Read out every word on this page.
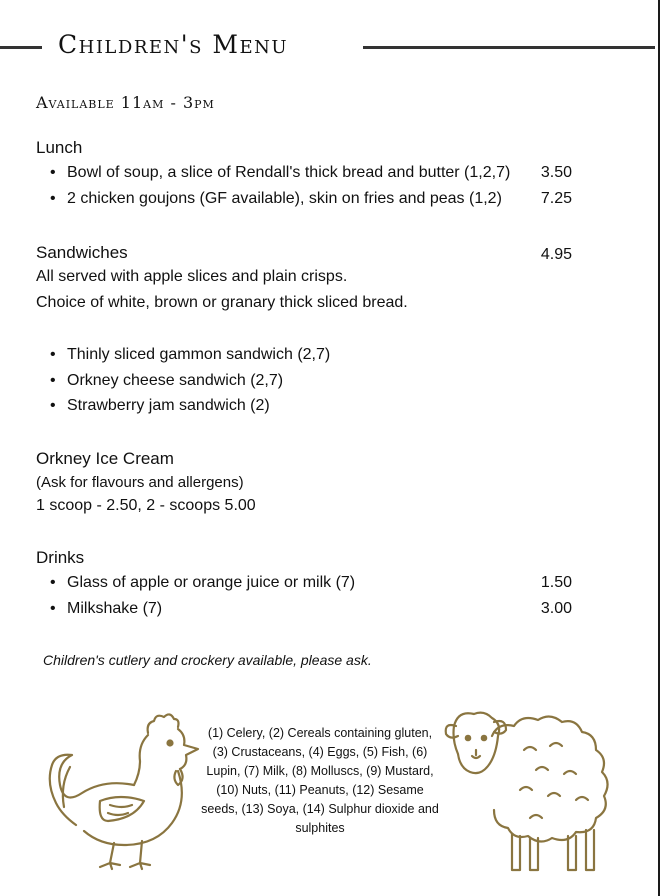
Children's Menu
Available 11am - 3pm
Lunch
• Bowl of soup, a slice of Rendall's thick bread and butter (1,2,7) 3.50
• 2 chicken goujons (GF available), skin on fries and peas (1,2) 7.25
Sandwiches	4.95
All served with apple slices and plain crisps.
Choice of white, brown or granary thick sliced bread.
• Thinly sliced gammon sandwich (2,7)
• Orkney cheese sandwich (2,7)
• Strawberry jam sandwich (2)
Orkney Ice Cream
(Ask for flavours and allergens)
1 scoop - 2.50, 2 - scoops 5.00
Drinks
• Glass of apple or orange juice or milk (7)	1.50
• Milkshake (7)	3.00
Children's cutlery and crockery available, please ask.
(1) Celery, (2) Cereals containing gluten,
(3) Crustaceans, (4) Eggs, (5) Fish, (6)
Lupin, (7) Milk, (8) Molluscs, (9) Mustard,
(10) Nuts, (11) Peanuts, (12) Sesame
seeds, (13) Soya, (14) Sulphur dioxide and
sulphites
